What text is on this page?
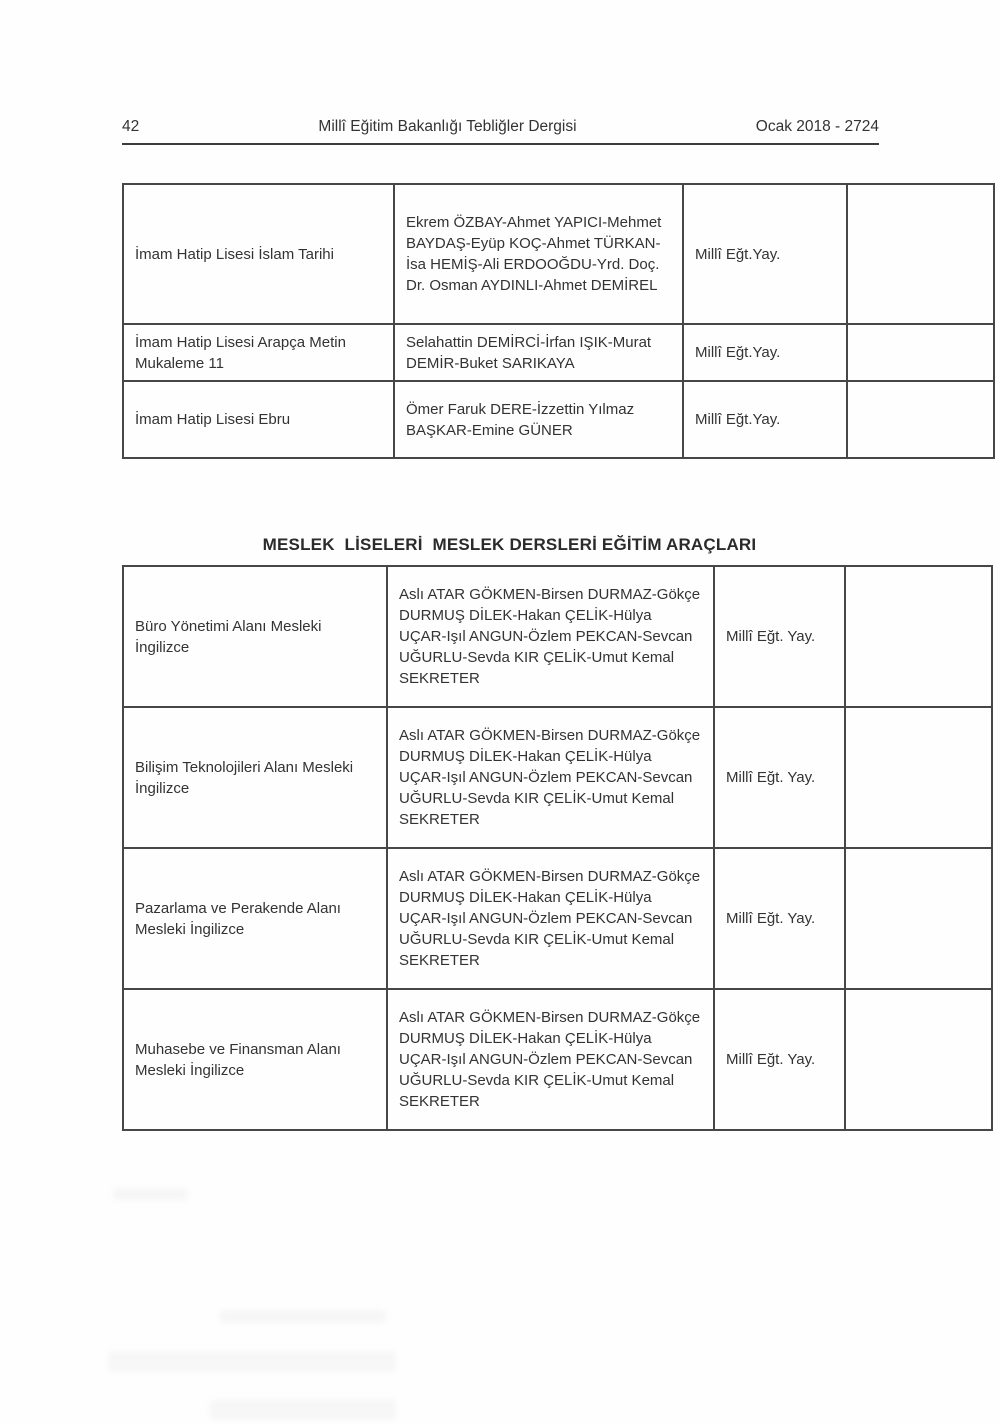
42	Millî Eğitim Bakanlığı Tebliğler Dergisi	Ocak 2018 - 2724
İmam Hatip Lisesi İslam Tarihi	Ekrem ÖZBAY-Ahmet YAPICI-Mehmet BAYDAŞ-Eyüp KOÇ-Ahmet TÜRKAN-İsa HEMİŞ-Ali ERDOOĞDU-Yrd. Doç. Dr. Osman AYDINLI-Ahmet DEMİREL	Millî Eğt.Yay.	
İmam Hatip Lisesi Arapça Metin Mukaleme 11	Selahattin DEMİRCİ-İrfan IŞIK-Murat DEMİR-Buket SARIKAYA	Millî Eğt.Yay.	
İmam Hatip Lisesi Ebru	Ömer Faruk DERE-İzzettin Yılmaz BAŞKAR-Emine GÜNER	Millî Eğt.Yay.	
MESLEK  LİSELERİ  MESLEK DERSLERİ EĞİTİM ARAÇLARI
Büro Yönetimi Alanı Mesleki İngilizce	Aslı ATAR GÖKMEN-Birsen DURMAZ-Gökçe DURMUŞ DİLEK-Hakan ÇELİK-Hülya UÇAR-Işıl ANGUN-Özlem PEKCAN-Sevcan UĞURLU-Sevda KIR ÇELİK-Umut Kemal SEKRETER	Millî Eğt. Yay.	
Bilişim Teknolojileri Alanı Mesleki İngilizce	Aslı ATAR GÖKMEN-Birsen DURMAZ-Gökçe DURMUŞ DİLEK-Hakan ÇELİK-Hülya UÇAR-Işıl ANGUN-Özlem PEKCAN-Sevcan UĞURLU-Sevda KIR ÇELİK-Umut Kemal SEKRETER	Millî Eğt. Yay.	
Pazarlama ve Perakende Alanı Mesleki İngilizce	Aslı ATAR GÖKMEN-Birsen DURMAZ-Gökçe DURMUŞ DİLEK-Hakan ÇELİK-Hülya UÇAR-Işıl ANGUN-Özlem PEKCAN-Sevcan UĞURLU-Sevda KIR ÇELİK-Umut Kemal SEKRETER	Millî Eğt. Yay.	
Muhasebe ve Finansman Alanı Mesleki İngilizce	Aslı ATAR GÖKMEN-Birsen DURMAZ-Gökçe DURMUŞ DİLEK-Hakan ÇELİK-Hülya UÇAR-Işıl ANGUN-Özlem PEKCAN-Sevcan UĞURLU-Sevda KIR ÇELİK-Umut Kemal SEKRETER	Millî Eğt. Yay.	
